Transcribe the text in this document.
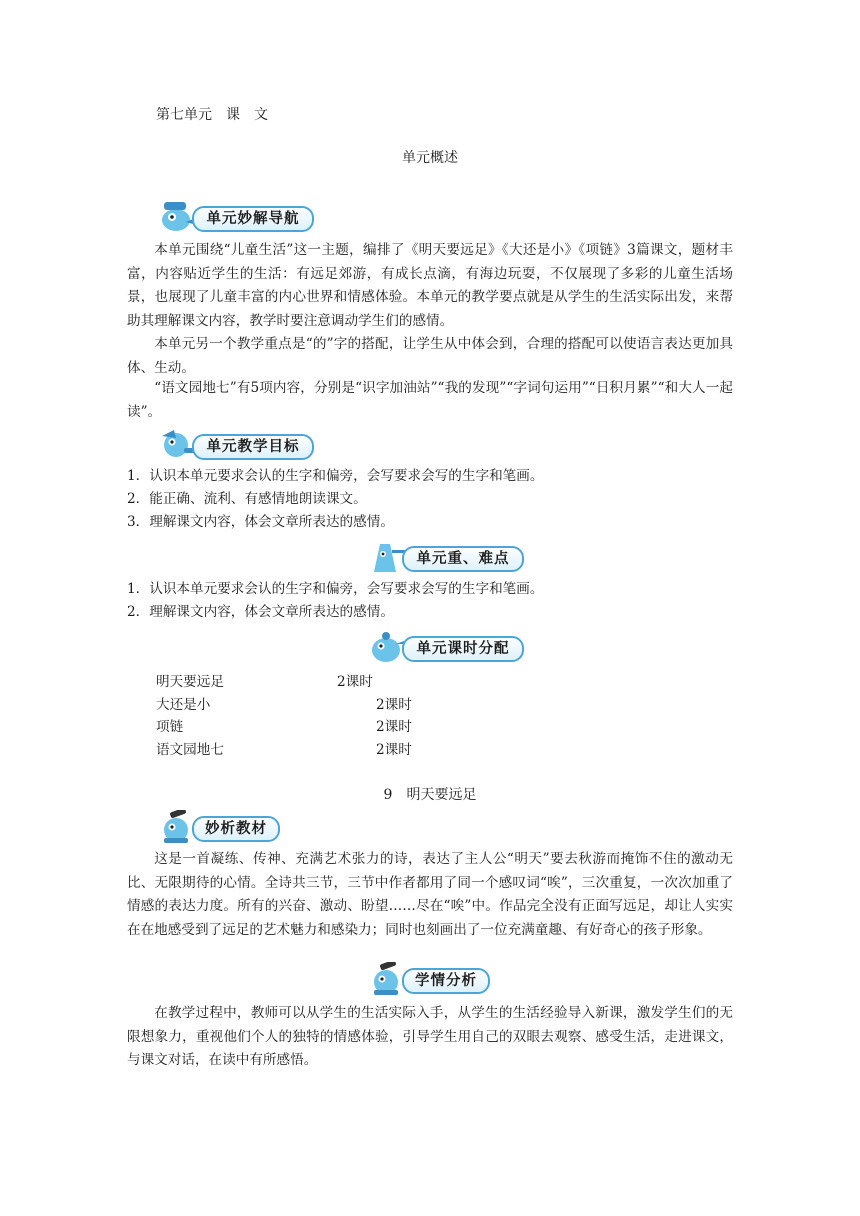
第七单元　课　文
单元概述
单元妙解导航
本单元围绕“儿童生活”这一主题，编排了《明天要远足》《大还是小》《项链》3篇课文，题材丰富，内容贴近学生的生活：有远足郊游，有成长点滴，有海边玩耍，不仅展现了多彩的儿童生活场景，也展现了儿童丰富的内心世界和情感体验。本单元的教学要点就是从学生的生活实际出发，来帮助其理解课文内容，教学时要注意调动学生们的感情。
本单元另一个教学重点是“的”字的搭配，让学生从中体会到，合理的搭配可以使语言表达更加具体、生动。
“语文园地七”有5项内容，分别是“识字加油站”“我的发现”“字词句运用”“日积月累”“和大人一起读”。
单元教学目标
1．认识本单元要求会认的生字和偏旁，会写要求会写的生字和笔画。
2．能正确、流利、有感情地朗读课文。
3．理解课文内容，体会文章所表达的感情。
单元重、难点
1．认识本单元要求会认的生字和偏旁，会写要求会写的生字和笔画。
2．理解课文内容，体会文章所表达的感情。
单元课时分配
明天要远足	2课时
大还是小	2课时
项链	2课时
语文园地七	2课时
9　明天要远足
妙析教材
这是一首凝练、传神、充满艺术张力的诗，表达了主人公“明天”要去秋游而掩饰不住的激动无比、无限期待的心情。全诗共三节，三节中作者都用了同一个感叹词“唉”，三次重复，一次次加重了情感的表达力度。所有的兴奋、激动、盼望……尽在“唉”中。作品完全没有正面写远足，却让人实实在在地感受到了远足的艺术魅力和感染力；同时也刻画出了一位充满童趣、有好奇心的孩子形象。
学情分析
在教学过程中，教师可以从学生的生活实际入手，从学生的生活经验导入新课，激发学生们的无限想象力，重视他们个人的独特的情感体验，引导学生用自己的双眼去观察、感受生活，走进课文，与课文对话，在读中有所感悟。
